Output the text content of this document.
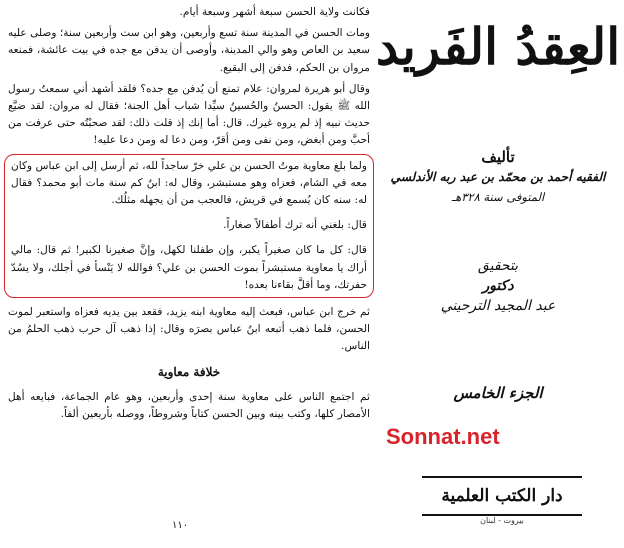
فكانت ولاية الحسن سبعة أشهر وسبعة أيام.

ومات الحسن في المدينة سنة تسع وأربعين، وهو ابن ست وأربعين سنة؛ وصلى عليه سعيد بن العاص وهو والي المدينة، وأوصى أن يدفن مع جده في بيت عائشة، فمنعه مروان بن الحكم، فدفن إلى البقيع.

وقال أبو هريرة لمروان: علام تمنع أن يُدفن مع جده؟ فلقد أشهد أني سمعتُ رسول الله ﷺ يقول: الحسنُ والحُسينُ سيِّدا شباب أهل الجنة؛ فقال له مروان: لقد ضيَّع حديث نبيه إذ لم يروه غيرك. قال: أما إنك إذ قلت ذلك: لقد صحبْتُه حتى عرفت من أحبَّ ومن أبغض، ومن نفى ومن أقرّ، ومن دعا له ومن دعا عليه!

ولما بلغ معاوية موتُ الحسن بن علي خرّ ساجداً لله، ثم أرسل إلى ابن عباس وكان معه في الشام، فعزاه وهو مستبشر، وقال له: ابنُ كم سنة مات أبو محمد؟ فقال له: سنه كان يُسمع في قريش، فالعجب من أن يجهله مثلُك.

قال: بلغني أنه ترك أطفالاً صغاراً.

قال: كل ما كان صغيراً يكبر، وإن طفلنا لكهل، وإنَّ صغيرنا لكبير! ثم قال: مالي أراك يا معاوية مستبشراً بموت الحسن بن علي؟ فوالله لا يَنْسأ في أجلك، ولا يسُدّ حفرتك، وما أقلَّ بقاءنا بعده!

ثم خرج ابن عباس، فبعث إليه معاوية ابنه يزيد، فقعد بين يديه فعزاه واستعبر لموت الحسن، فلما ذهب أتبعه ابنُ عباس بصرَه وقال: إذا ذهب آل حرب ذهب الحلمُ من الناس.

خلافة معاوية

ثم اجتمع الناس على معاوية سنة إحدى وأربعين، وهو عام الجماعة، فبايعه أهل الأمصار كلها، وكتب بينه وبين الحسن كتاباً وشروطاً، ووصله بأربعين ألفاً.

١١٠
العِقدُ الفَريد
تأليف
الفقيه أحمد بن محمّد بن عبد ربه الأندلسي
المتوفى سنة ٣٢٨هـ
بتحقيق
دكتور
عبد المجيد الترحيني
الجزء الخامس
Sonnat.net
دار الكتب العلمية
بيروت - لبنان
